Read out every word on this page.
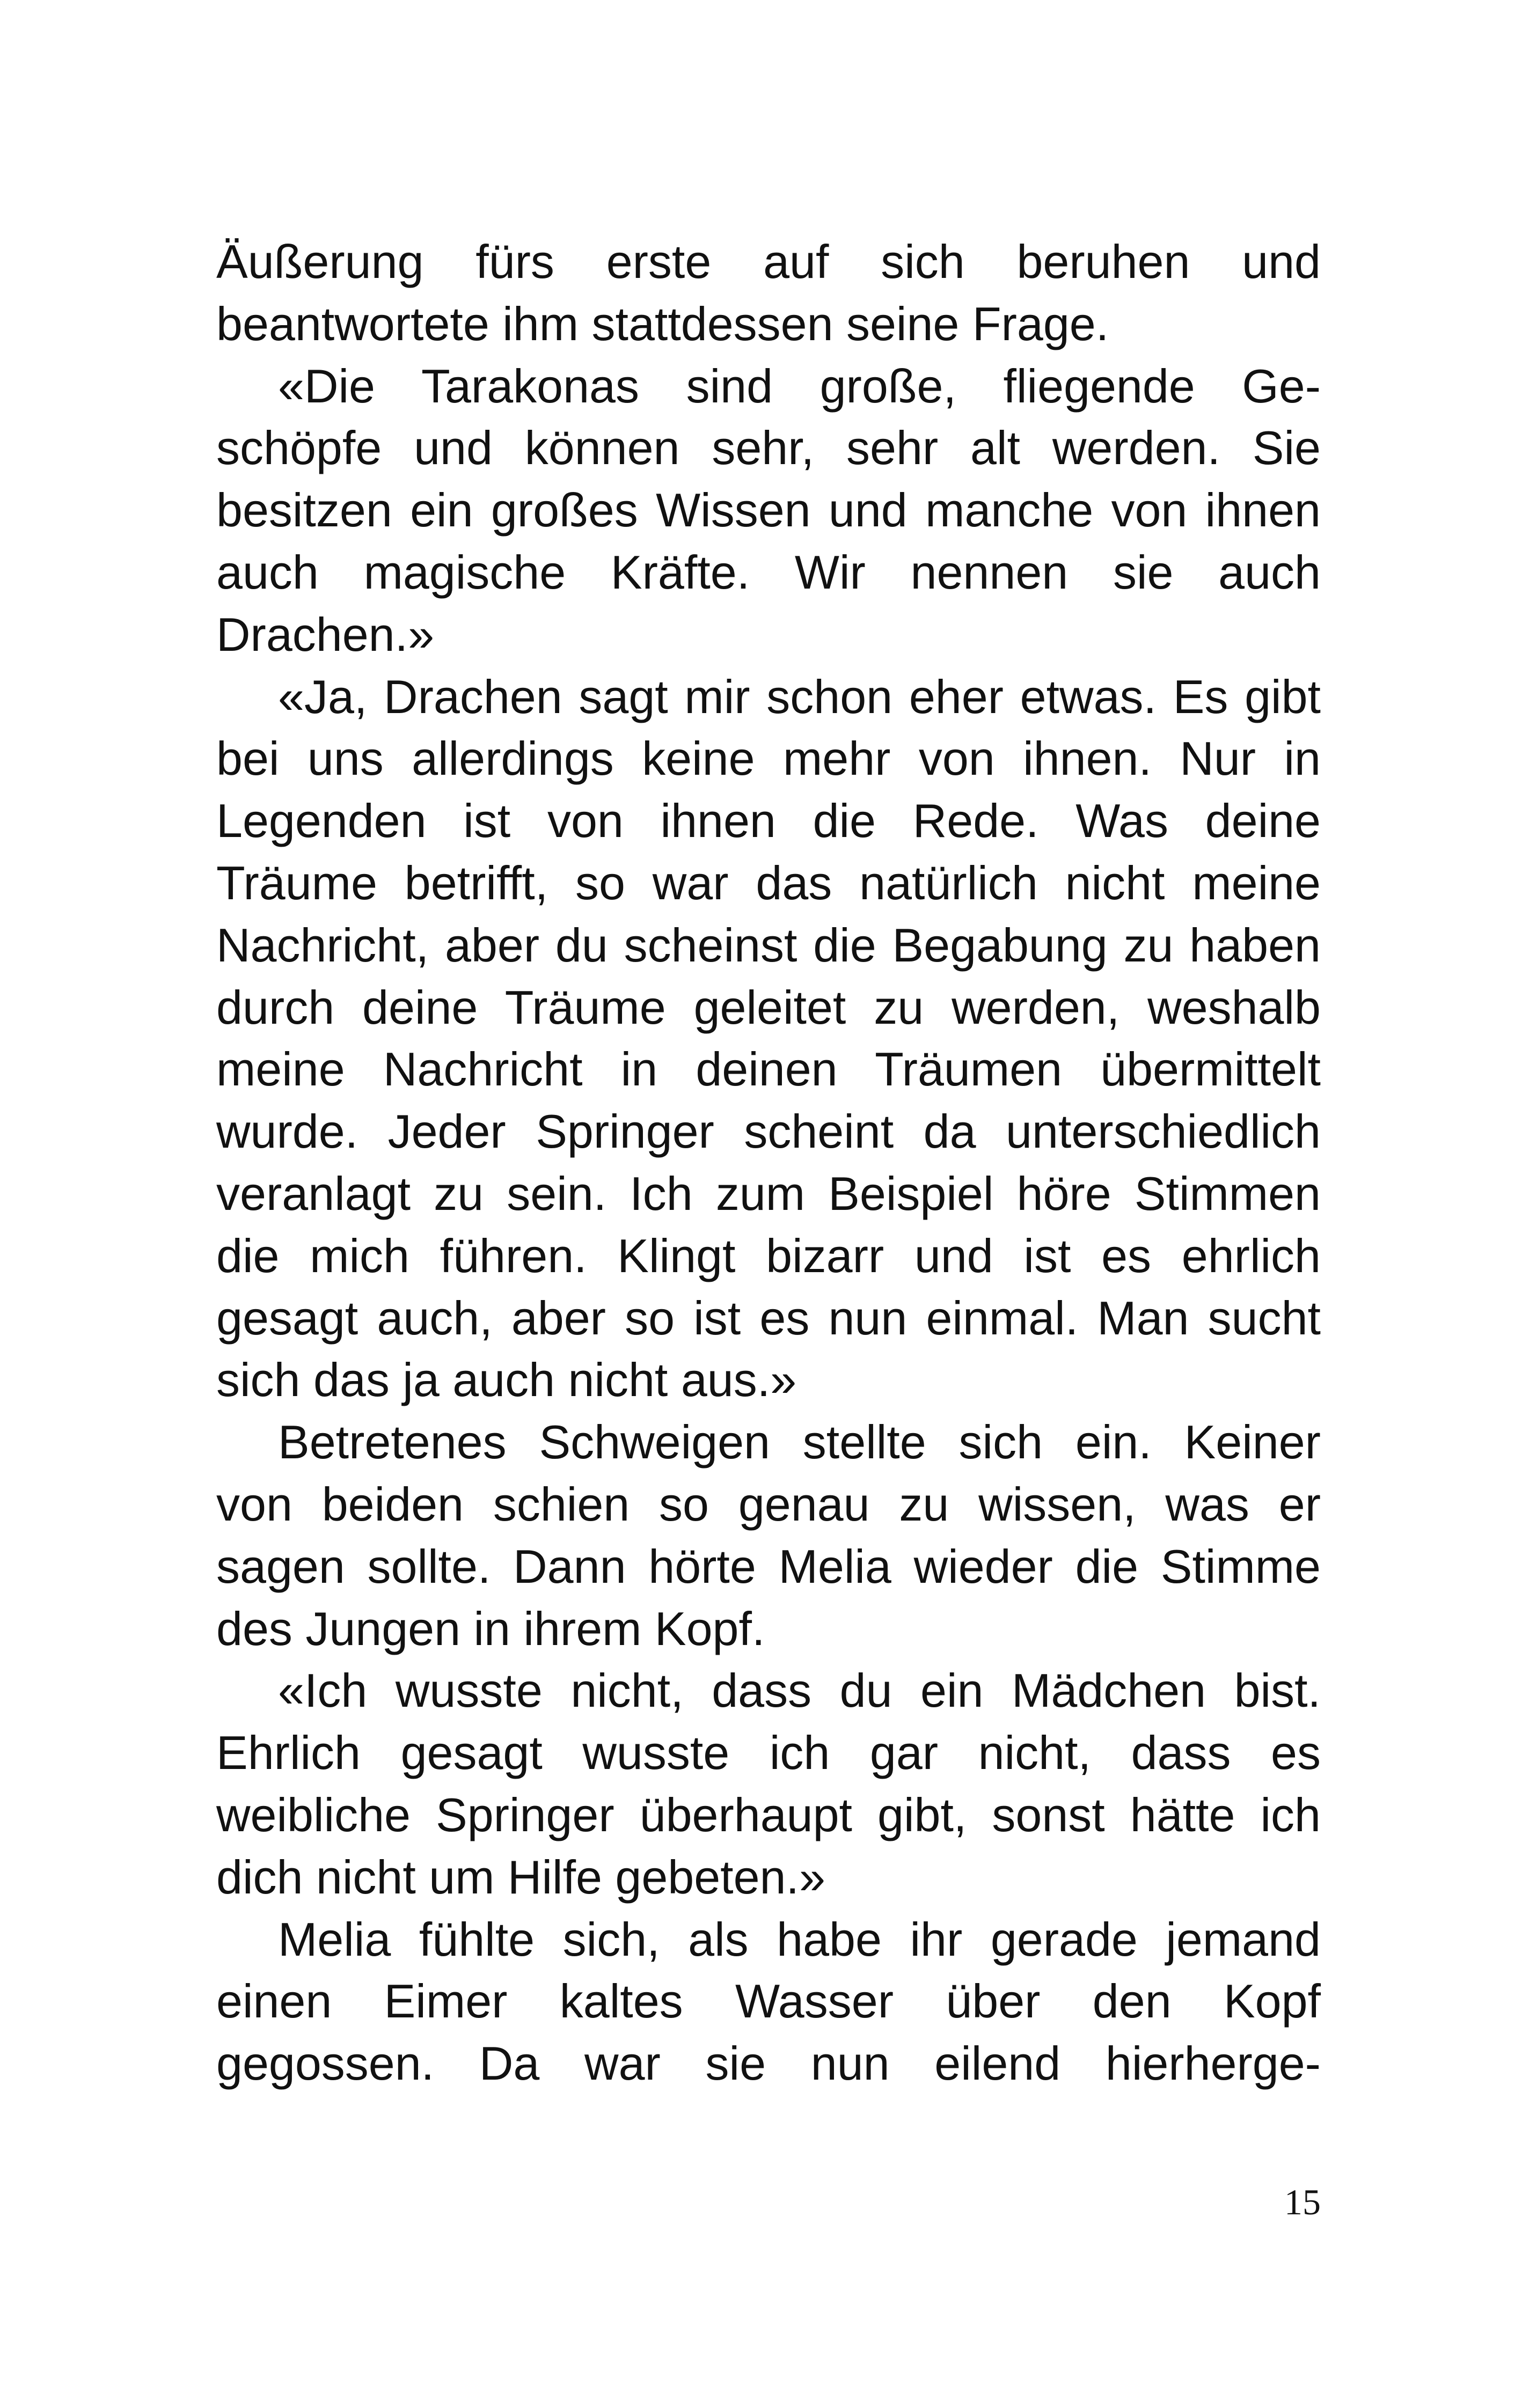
Äußerung fürs erste auf sich beruhen und
beantwortete ihm stattdessen seine Frage.
«Die Tarakonas sind große, fliegende Ge-
schöpfe und können sehr, sehr alt werden. Sie
besitzen ein großes Wissen und manche von ihnen
auch magische Kräfte. Wir nennen sie auch
Drachen.»
«Ja, Drachen sagt mir schon eher etwas. Es gibt
bei uns allerdings keine mehr von ihnen. Nur in
Legenden ist von ihnen die Rede. Was deine
Träume betrifft, so war das natürlich nicht meine
Nachricht, aber du scheinst die Begabung zu haben
durch deine Träume geleitet zu werden, weshalb
meine Nachricht in deinen Träumen übermittelt
wurde. Jeder Springer scheint da unterschiedlich
veranlagt zu sein. Ich zum Beispiel höre Stimmen
die mich führen. Klingt bizarr und ist es ehrlich
gesagt auch, aber so ist es nun einmal. Man sucht
sich das ja auch nicht aus.»
Betretenes Schweigen stellte sich ein. Keiner
von beiden schien so genau zu wissen, was er
sagen sollte. Dann hörte Melia wieder die Stimme
des Jungen in ihrem Kopf.
«Ich wusste nicht, dass du ein Mädchen bist.
Ehrlich gesagt wusste ich gar nicht, dass es
weibliche Springer überhaupt gibt, sonst hätte ich
dich nicht um Hilfe gebeten.»
Melia fühlte sich, als habe ihr gerade jemand
einen Eimer kaltes Wasser über den Kopf
gegossen. Da war sie nun eilend hierherge-
15
